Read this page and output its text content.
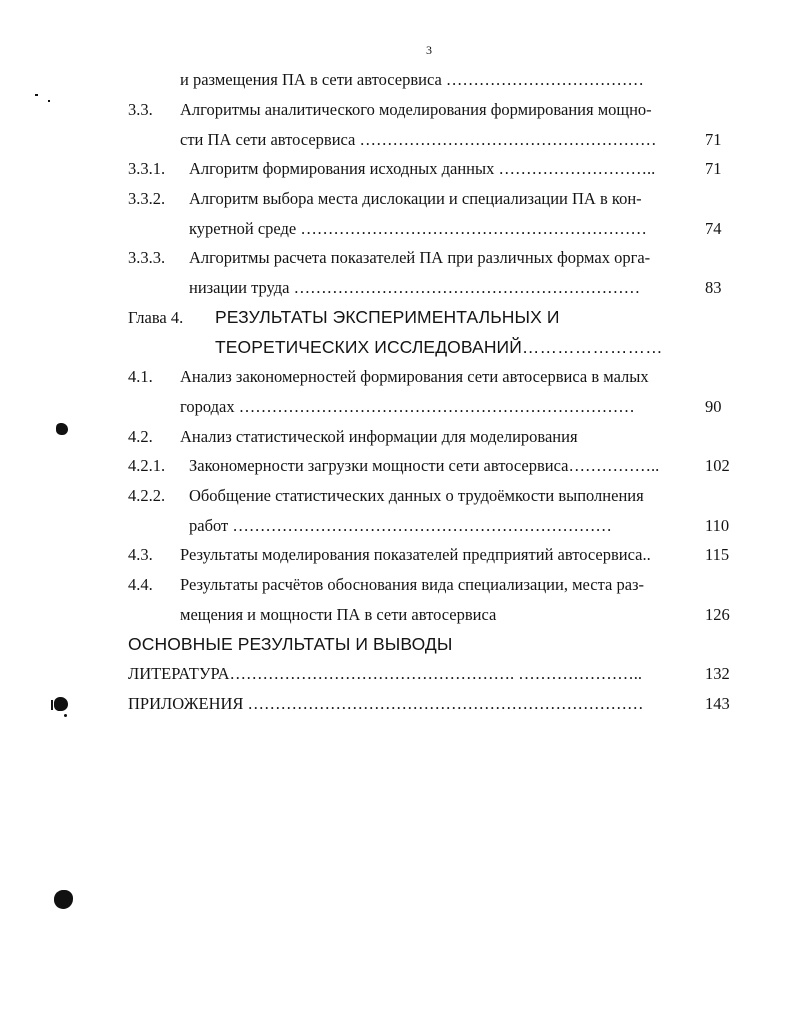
3
и размещения ПА в сети автосервиса ………………………………
3.3. Алгоритмы аналитического моделирования формирования мощно-
сти ПА сети автосервиса ………………………………………………	71
3.3.1. Алгоритм формирования исходных данных ………………………..	71
3.3.2. Алгоритм выбора места дислокации и специализации ПА в кон-
куретной среде ………………………………………………………	74
3.3.3. Алгоритмы расчета показателей ПА при различных формах орга-
низации труда ………………………………………………………	83
Глава 4. РЕЗУЛЬТАТЫ ЭКСПЕРИМЕНТАЛЬНЫХ И
ТЕОРЕТИЧЕСКИХ ИССЛЕДОВАНИЙ……………………
4.1. Анализ закономерностей формирования сети автосервиса в малых
городах ………………………………………………………………	90
4.2. Анализ статистической информации для моделирования
4.2.1. Закономерности загрузки мощности сети автосервиса……………..	102
4.2.2. Обобщение статистических данных о трудоёмкости выполнения
работ ……………………………………………………………	110
4.3. Результаты моделирования показателей предприятий автосервиса..	115
4.4. Результаты расчётов обоснования вида специализации, места раз-
мещения и мощности ПА в сети автосервиса	126
ОСНОВНЫЕ РЕЗУЛЬТАТЫ И ВЫВОДЫ
ЛИТЕРАТУРА……………………………………………. …………………..	132
ПРИЛОЖЕНИЯ ………………………………………………………………	143
